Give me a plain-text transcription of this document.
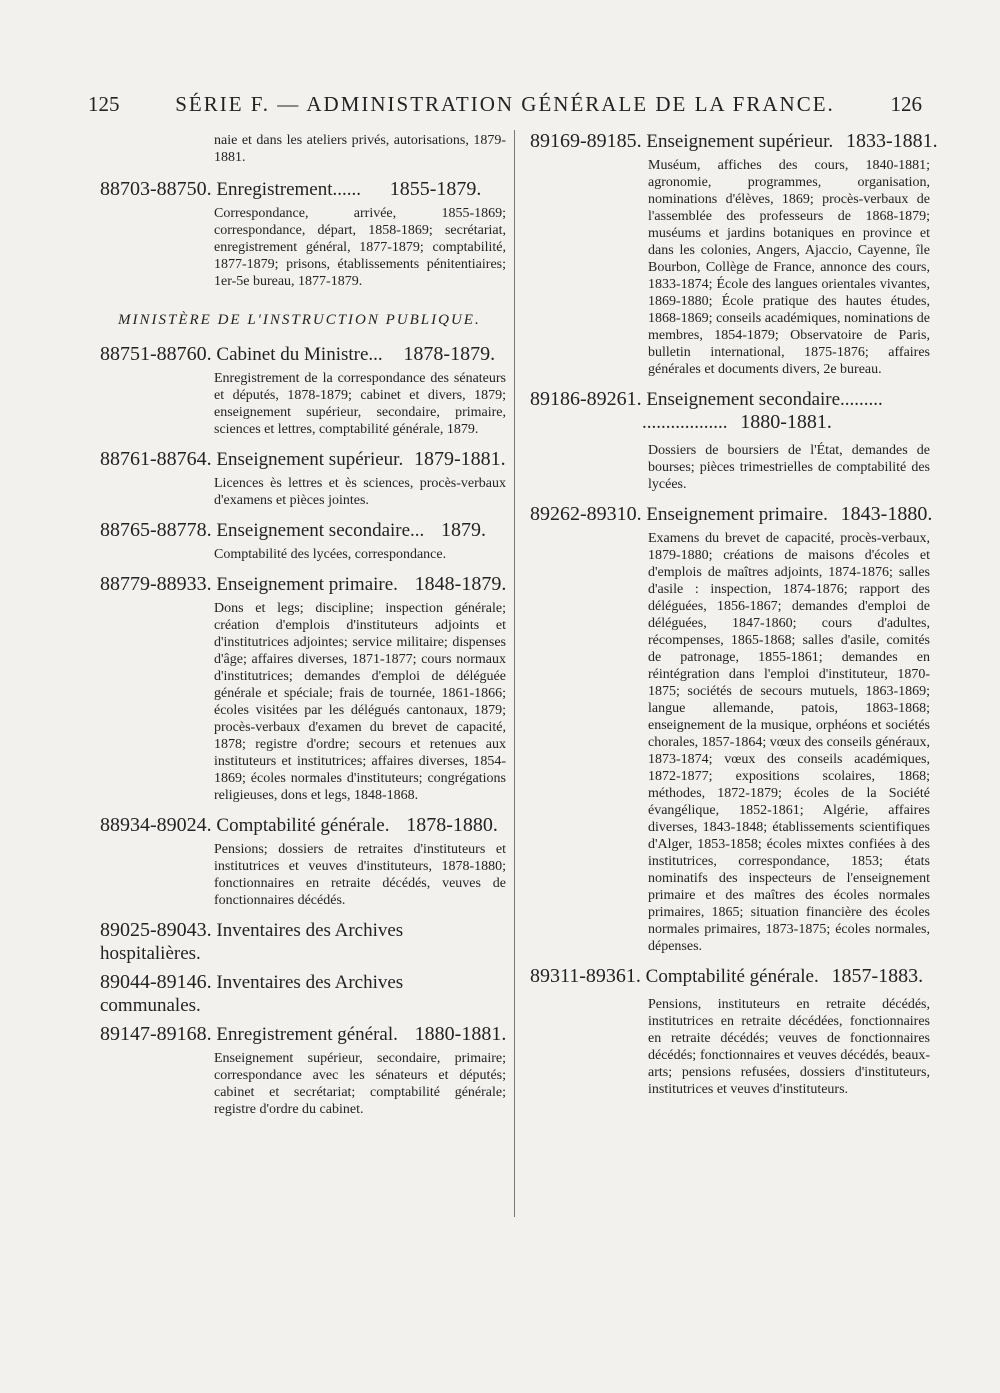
125	SÉRIE F. — ADMINISTRATION GÉNÉRALE DE LA FRANCE.	126

naie et dans les ateliers privés, autorisations, 1879-1881.

88703-88750. Enregistrement...... 1855-1879.

Correspondance, arrivée, 1855-1869; correspondance, départ, 1858-1869; secrétariat, enregistrement général, 1877-1879; comptabilité, 1877-1879; prisons, établissements pénitentiaires; 1er-5e bureau, 1877-1879.

MINISTÈRE DE L'INSTRUCTION PUBLIQUE.

88751-88760. Cabinet du Ministre... 1878-1879.

Enregistrement de la correspondance des sénateurs et députés, 1878-1879; cabinet et divers, 1879; enseignement supérieur, secondaire, primaire, sciences et lettres, comptabilité générale, 1879.

88761-88764. Enseignement supérieur. 1879-1881.

Licences ès lettres et ès sciences, procès-verbaux d'examens et pièces jointes.

88765-88778. Enseignement secondaire... 1879.

Comptabilité des lycées, correspondance.

88779-88933. Enseignement primaire. 1848-1879.

Dons et legs; discipline; inspection générale; création d'emplois d'instituteurs adjoints et d'institutrices adjointes; service militaire; dispenses d'âge; affaires diverses, 1871-1877; cours normaux d'institutrices; demandes d'emploi de déléguée générale et spéciale; frais de tournée, 1861-1866; écoles visitées par les délégués cantonaux, 1879; procès-verbaux d'examen du brevet de capacité, 1878; registre d'ordre; secours et retenues aux instituteurs et institutrices; affaires diverses, 1854-1869; écoles normales d'instituteurs; congrégations religieuses, dons et legs, 1848-1868.

88934-89024. Comptabilité générale. 1878-1880.

Pensions; dossiers de retraites d'instituteurs et institutrices et veuves d'instituteurs, 1878-1880; fonctionnaires en retraite décédés, veuves de fonctionnaires décédés.

89025-89043. Inventaires des Archives hospitalières.

89044-89146. Inventaires des Archives communales.

89147-89168. Enregistrement général. 1880-1881.

Enseignement supérieur, secondaire, primaire; correspondance avec les sénateurs et députés; cabinet et secrétariat; comptabilité générale; registre d'ordre du cabinet.

89169-89185. Enseignement supérieur. 1833-1881.

Muséum, affiches des cours, 1840-1881; agronomie, programmes, organisation, nominations d'élèves, 1869; procès-verbaux de l'assemblée des professeurs de 1868-1879; muséums et jardins botaniques en province et dans les colonies, Angers, Ajaccio, Cayenne, île Bourbon, Collège de France, annonce des cours, 1833-1874; École des langues orientales vivantes, 1869-1880; École pratique des hautes études, 1868-1869; conseils académiques, nominations de membres, 1854-1879; Observatoire de Paris, bulletin international, 1875-1876; affaires générales et documents divers, 2e bureau.

89186-89261. Enseignement secondaire.........

.................. 1880-1881.

Dossiers de boursiers de l'État, demandes de bourses; pièces trimestrielles de comptabilité des lycées.

89262-89310. Enseignement primaire. 1843-1880.

Examens du brevet de capacité, procès-verbaux, 1879-1880; créations de maisons d'écoles et d'emplois de maîtres adjoints, 1874-1876; salles d'asile : inspection, 1874-1876; rapport des déléguées, 1856-1867; demandes d'emploi de déléguées, 1847-1860; cours d'adultes, récompenses, 1865-1868; salles d'asile, comités de patronage, 1855-1861; demandes en réintégration dans l'emploi d'instituteur, 1870-1875; sociétés de secours mutuels, 1863-1869; langue allemande, patois, 1863-1868; enseignement de la musique, orphéons et sociétés chorales, 1857-1864; vœux des conseils généraux, 1873-1874; vœux des conseils académiques, 1872-1877; expositions scolaires, 1868; méthodes, 1872-1879; écoles de la Société évangélique, 1852-1861; Algérie, affaires diverses, 1843-1848; établissements scientifiques d'Alger, 1853-1858; écoles mixtes confiées à des institutrices, correspondance, 1853; états nominatifs des inspecteurs de l'enseignement primaire et des maîtres des écoles normales primaires, 1865; situation financière des écoles normales primaires, 1873-1875; écoles normales, dépenses.

89311-89361. Comptabilité générale. 1857-1883.

Pensions, instituteurs en retraite décédés, institutrices en retraite décédées, fonctionnaires en retraite décédés; veuves de fonctionnaires décédés; fonctionnaires et veuves décédés, beaux-arts; pensions refusées, dossiers d'instituteurs, institutrices et veuves d'instituteurs.
